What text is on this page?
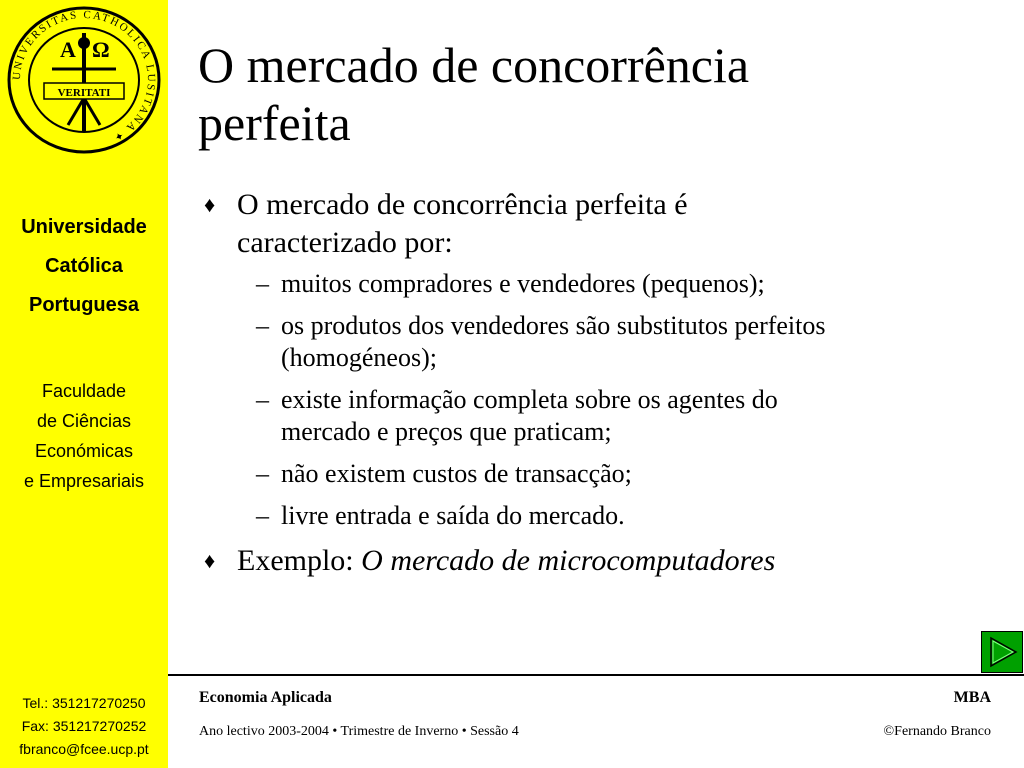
UNIVERSITAS CATHOLICA LUSITANA ✦
A Ω
VERITATI
Universidade
Católica
Portuguesa
Faculdade
de Ciências
Económicas
e Empresariais
Tel.: 351217270250
Fax: 351217270252
fbranco@fcee.ucp.pt
O mercado de concorrência
perfeita
♦ O mercado de concorrência perfeita é
caracterizado por:
– muitos compradores e vendedores (pequenos);
– os produtos dos vendedores são substitutos perfeitos
(homogéneos);
– existe informação completa sobre os agentes do
mercado e preços que praticam;
– não existem custos de transacção;
– livre entrada e saída do mercado.
♦ Exemplo: O mercado de microcomputadores
Economia Aplicada	MBA
Ano lectivo 2003-2004 • Trimestre de Inverno • Sessão 4	©Fernando Branco
